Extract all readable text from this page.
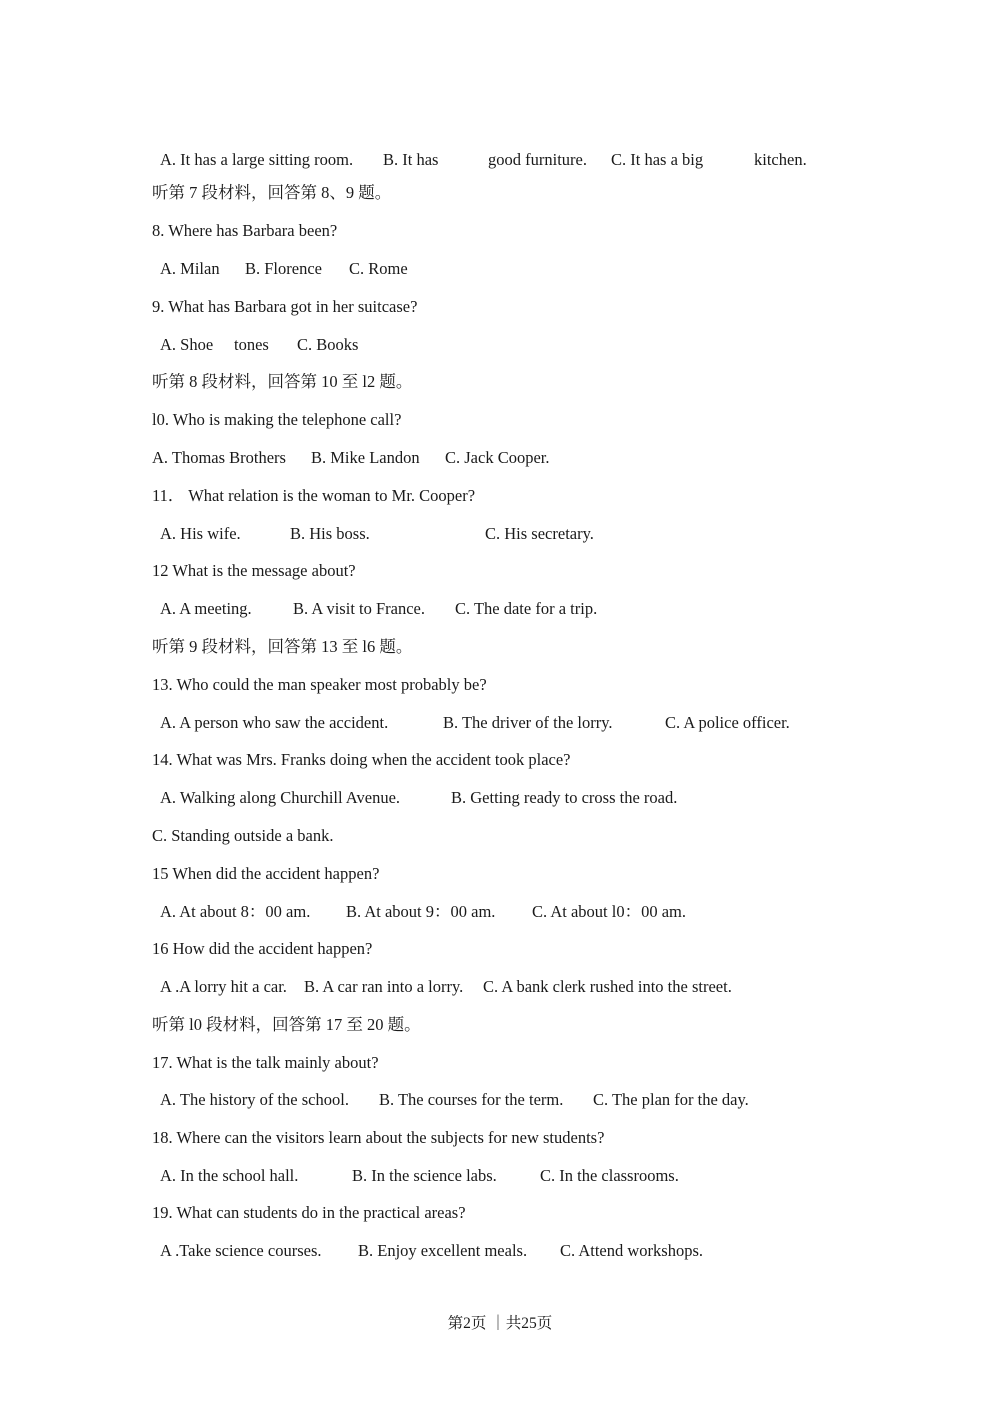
A. It has a large sitting room. B. It has	good furniture. C. It has a big	kitchen.
听第 7 段材料，回答第 8、9 题。
8. Where has Barbara been?
A. Milan B. Florence C. Rome
9. What has Barbara got in her suitcase?
A. Shoe tones C. Books
听第 8 段材料，回答第 10 至 l2 题。
l0. Who is making the telephone call?
A. Thomas Brothers B. Mike Landon C. Jack Cooper.
11． What relation is the woman to Mr. Cooper?
A. His wife.	B. His boss.	C. His secretary.
12 What is the message about?
A. A meeting.	B. A visit to France. C. The date for a trip.
听第 9 段材料，回答第 13 至 l6 题。
13. Who could the man speaker most probably be?
A. A person who saw the accident.	B. The driver of the lorry.	C. A police officer.
14. What was Mrs. Franks doing when the accident took place?
A. Walking along Churchill Avenue.	B. Getting ready to cross the road.
C. Standing outside a bank.
15 When did the accident happen?
A. At about 8：00 am. B. At about 9：00 am. C. At about l0：00 am.
16 How did the accident happen?
A .A lorry hit a car. B. A car ran into a lorry. C. A bank clerk rushed into the street.
听第 l0 段材料，回答第 17 至 20 题。
17. What is the talk mainly about?
A. The history of the school. B. The courses for the term. C. The plan for the day.
18. Where can the visitors learn about the subjects for new students?
A. In the school hall.	B. In the science labs.	C. In the classrooms.
19. What can students do in the practical areas?
A .Take science courses. B. Enjoy excellent meals. C. Attend workshops.
第2页 ｜共25页
